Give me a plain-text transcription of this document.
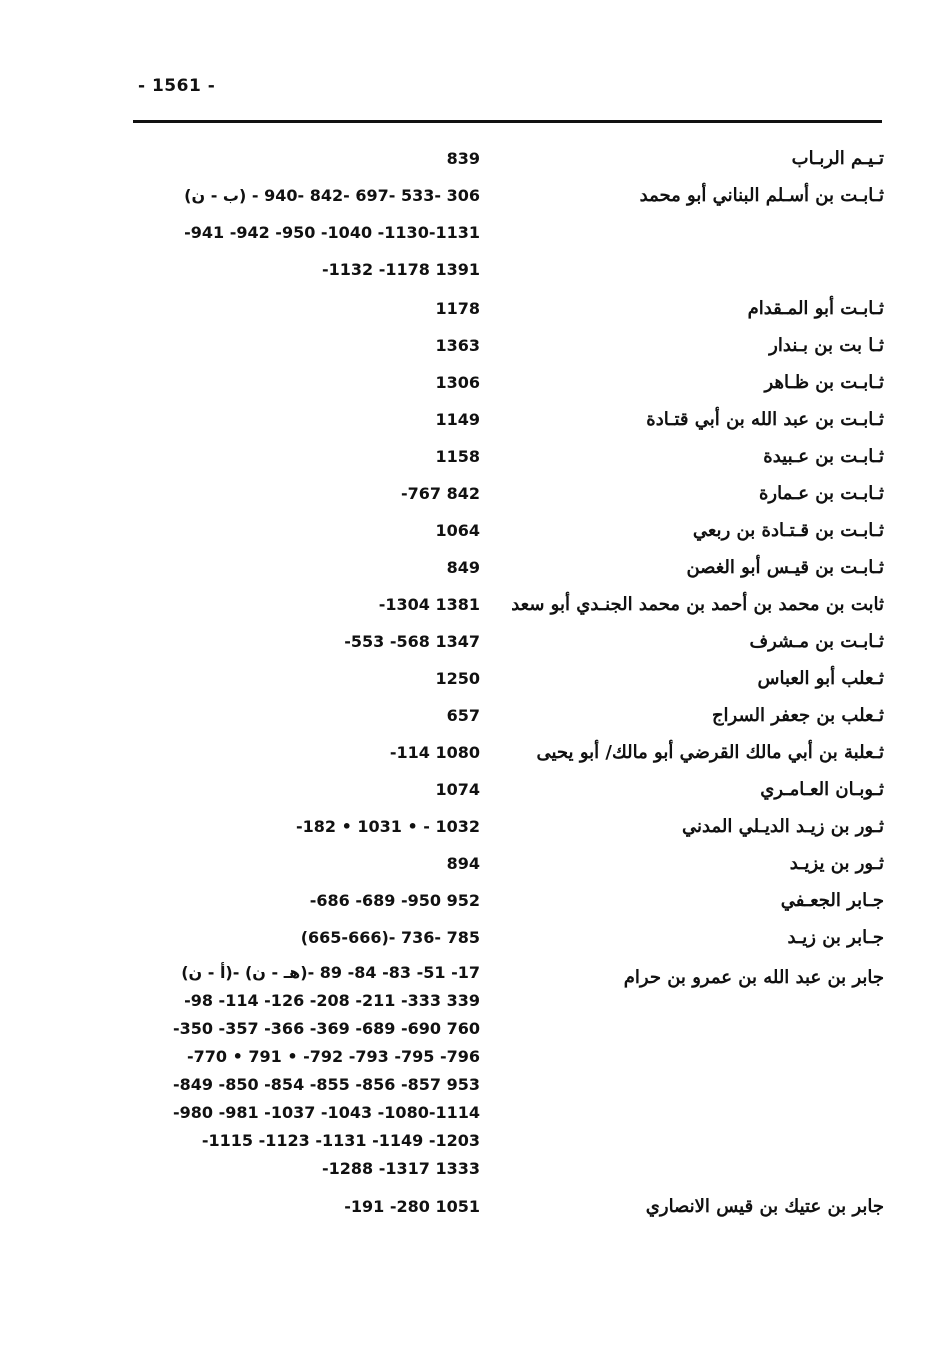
- 1561 -
تـيـم الربـاب
839
ثـابـت بن أسـلم البناني أبو محمد
(ب - ن) - 306 -533 -697 -842 -940
-941 -942 -950 -1040 -1130-1131
-1132 -1178 1391
ثـابـت أبو المـقدام
1178
ثـا بت بن بـندار
1363
ثـابـت بن ظـاهر
1306
ثـابـت بن عبد الله بن أبي قتـادة
1149
ثـابـت بن عـبيدة
1158
ثـابـت بن عـمارة
-767 842
ثـابـت بن قـتـادة بن ربعي
1064
ثـابـت بن قيـس أبو الغصن
849
ثابت بن محمد بن أحمد بن محمد الجنـدي أبو سعد
-1304 1381
ثـابـت بن مـشرف
-553 -568 1347
ثـعلب أبو العباس
1250
ثـعلب بن جعفر السراج
657
ثـعلبة بن أبي مالك القرضي أبو مالك/ أبو يحيى
-114 1080
ثـوبـان العـامـري
1074
ثـور بن زيـد الديـلي المدني
-182 • 1031 • - 1032
ثـور بن يزيـد
894
جـابر الجعـفي
-686 -689 -950 952
جـابر بن زيـد
(665-666)- 736- 785
جابر بن عبد الله بن عمرو بن حرام
(أ - ن)- (هـ - ن)- 17- 51- 83- 84- 89
-98 -114 -126 -208 -211 -333 339
-350 -357 -366 -369 -689 -690 760
-770 • 791 • -792 -793 -795 -796
-849 -850 -854 -855 -856 -857 953
-980 -981 -1037 -1043 -1080-1114
-1115 -1123 -1131 -1149 -1203
-1288 -1317 1333
جابر بن عتيك بن قيس الانصاري
-191 -280 1051
